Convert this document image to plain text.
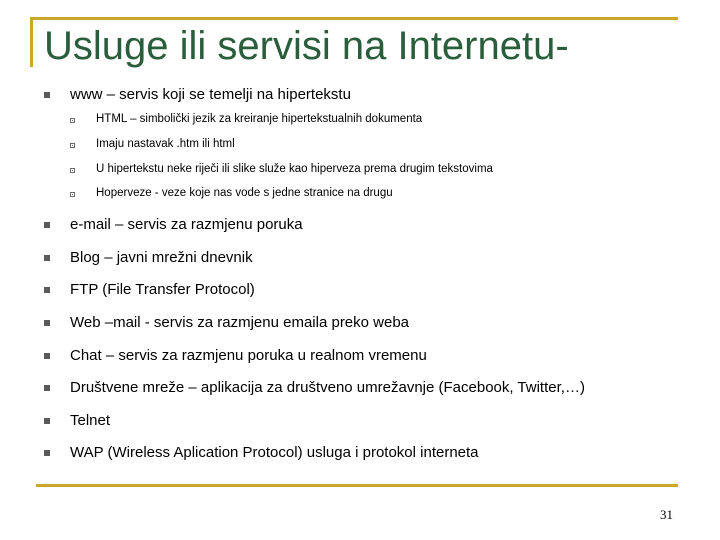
Usluge ili servisi na Internetu-
www – servis koji se temelji na hipertekstu
HTML – simbolički jezik za kreiranje hipertekstualnih dokumenta
Imaju nastavak .htm ili html
U hipertekstu neke riječi ili slike služe kao hiperveza prema drugim tekstovima
Hoperveze - veze koje nas vode s jedne stranice na drugu
e-mail – servis za razmjenu poruka
Blog – javni mrežni dnevnik
FTP (File Transfer Protocol)
Web –mail - servis za razmjenu emaila preko weba
Chat – servis za razmjenu poruka u realnom vremenu
Društvene mreže – aplikacija za društveno umrežavnje (Facebook, Twitter,…)
Telnet
WAP (Wireless Aplication Protocol) usluga i protokol interneta
31
